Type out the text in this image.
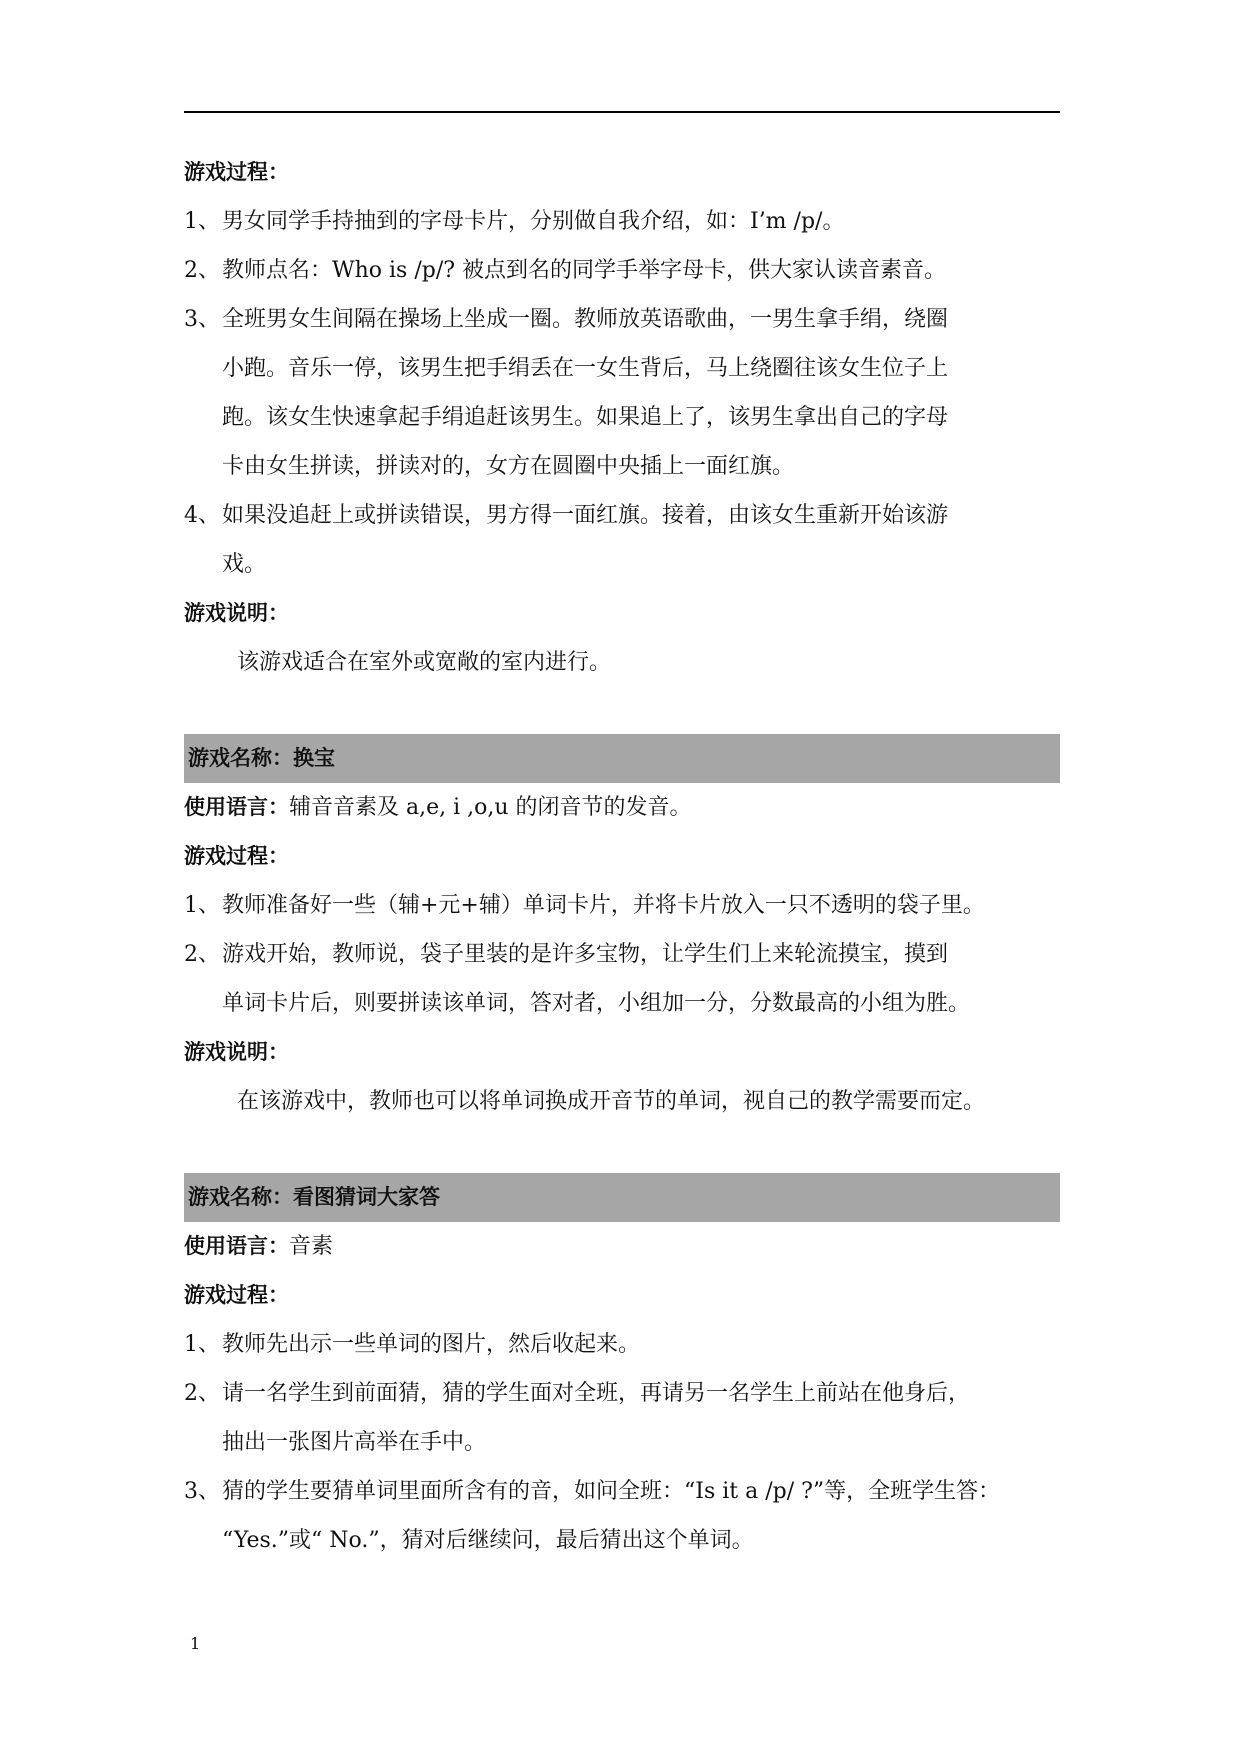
游戏过程：
1、 男女同学手持抽到的字母卡片，分别做自我介绍，如：I’m /p/。
2、 教师点名：Who is /p/? 被点到名的同学手举字母卡，供大家认读音素音。
3、 全班男女生间隔在操场上坐成一圈。教师放英语歌曲，一男生拿手绢，绕圈
小跑。音乐一停，该男生把手绢丢在一女生背后，马上绕圈往该女生位子上
跑。该女生快速拿起手绢追赶该男生。如果追上了，该男生拿出自己的字母
卡由女生拼读，拼读对的，女方在圆圈中央插上一面红旗。
4、 如果没追赶上或拼读错误，男方得一面红旗。接着，由该女生重新开始该游
戏。
游戏说明：
该游戏适合在室外或宽敞的室内进行。
游戏名称：换宝
使用语言：辅音音素及 a,e, i ,o,u 的闭音节的发音。
游戏过程：
1、 教师准备好一些（辅+元+辅）单词卡片，并将卡片放入一只不透明的袋子里。
2、 游戏开始，教师说，袋子里装的是许多宝物，让学生们上来轮流摸宝，摸到
单词卡片后，则要拼读该单词，答对者，小组加一分，分数最高的小组为胜。
游戏说明：
在该游戏中，教师也可以将单词换成开音节的单词，视自己的教学需要而定。
游戏名称：看图猜词大家答
使用语言：音素
游戏过程：
1、 教师先出示一些单词的图片，然后收起来。
2、 请一名学生到前面猜，猜的学生面对全班，再请另一名学生上前站在他身后，
抽出一张图片高举在手中。
3、 猜的学生要猜单词里面所含有的音，如问全班：“Is it a /p/ ?”等，全班学生答：
“Yes.”或“ No.”，猜对后继续问，最后猜出这个单词。
1
